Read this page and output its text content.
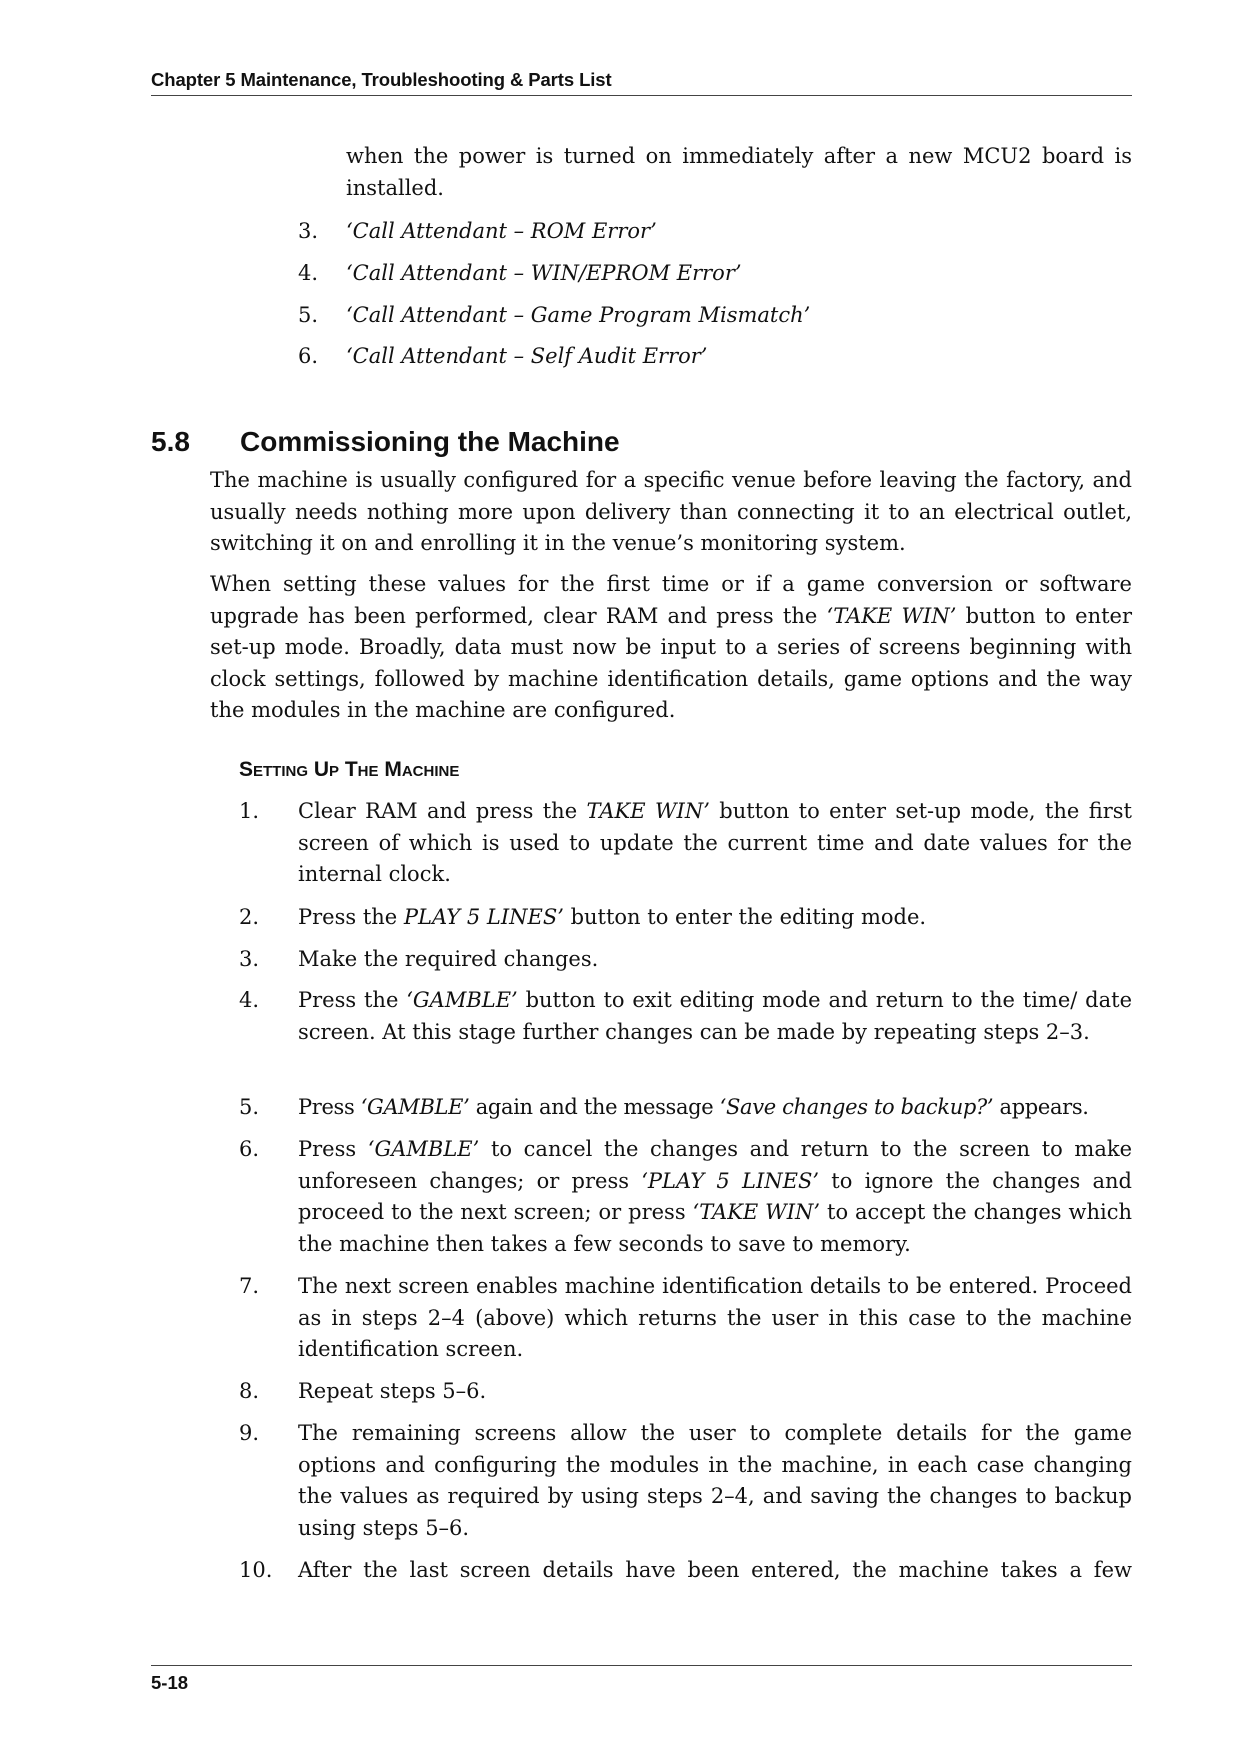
Chapter 5 Maintenance, Troubleshooting & Parts List
when the power is turned on immediately after a new MCU2 board is installed.
3.	‘Call Attendant – ROM Error’
4.	‘Call Attendant – WIN/EPROM Error’
5.	‘Call Attendant – Game Program Mismatch’
6.	‘Call Attendant – Self Audit Error’
5.8 Commissioning the Machine
The machine is usually configured for a specific venue before leaving the factory, and usually needs nothing more upon delivery than connecting it to an electrical outlet, switching it on and enrolling it in the venue’s monitoring system.
When setting these values for the first time or if a game conversion or software upgrade has been performed, clear RAM and press the ‘TAKE WIN’ button to enter set-up mode. Broadly, data must now be input to a series of screens beginning with clock settings, followed by machine identification details, game options and the way the modules in the machine are configured.
Setting Up The Machine
1.	Clear RAM and press the TAKE WIN’ button to enter set-up mode, the first screen of which is used to update the current time and date values for the internal clock.
2.	Press the PLAY 5 LINES’ button to enter the editing mode.
3.	Make the required changes.
4.	Press the ‘GAMBLE’ button to exit editing mode and return to the time/ date screen. At this stage further changes can be made by repeating steps 2–3.
5.	Press ‘GAMBLE’ again and the message ‘Save changes to backup?’ appears.
6.	Press ‘GAMBLE’ to cancel the changes and return to the screen to make unforeseen changes; or press ‘PLAY 5 LINES’ to ignore the changes and proceed to the next screen; or press ‘TAKE WIN’ to accept the changes which the machine then takes a few seconds to save to memory.
7.	The next screen enables machine identification details to be entered. Proceed as in steps 2–4 (above) which returns the user in this case to the machine identification screen.
8.	Repeat steps 5–6.
9.	The remaining screens allow the user to complete details for the game options and configuring the modules in the machine, in each case changing the values as required by using steps 2–4, and saving the changes to backup using steps 5–6.
10.	After the last screen details have been entered, the machine takes a few
5-18
